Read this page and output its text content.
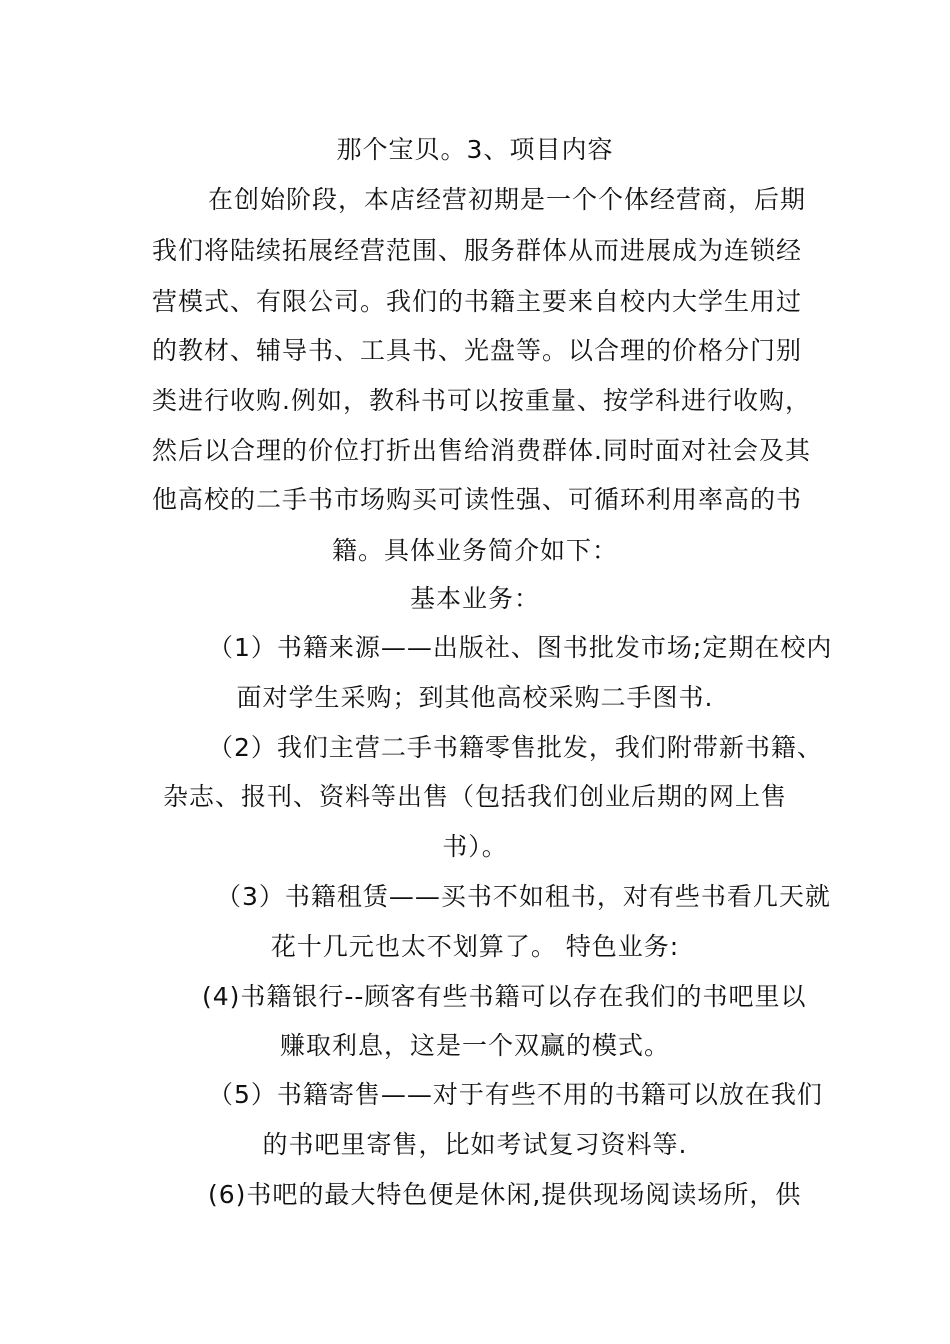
那个宝贝。3、项目内容
在创始阶段，本店经营初期是一个个体经营商，后期
我们将陆续拓展经营范围、服务群体从而进展成为连锁经
营模式、有限公司。我们的书籍主要来自校内大学生用过
的教材、辅导书、工具书、光盘等。以合理的价格分门别
类进行收购.例如，教科书可以按重量、按学科进行收购，
然后以合理的价位打折出售给消费群体.同时面对社会及其
他高校的二手书市场购买可读性强、可循环利用率高的书
籍。具体业务简介如下：
基本业务：
（1）书籍来源——出版社、图书批发市场;定期在校内
面对学生采购；到其他高校采购二手图书.
（2）我们主营二手书籍零售批发，我们附带新书籍、
杂志、报刊、资料等出售（包括我们创业后期的网上售
书）。
（3）书籍租赁——买书不如租书，对有些书看几天就
花十几元也太不划算了。 特色业务:
(4)书籍银行--顾客有些书籍可以存在我们的书吧里以
赚取利息，这是一个双赢的模式。
（5）书籍寄售——对于有些不用的书籍可以放在我们
的书吧里寄售，比如考试复习资料等.
(6)书吧的最大特色便是休闲,提供现场阅读场所，供
